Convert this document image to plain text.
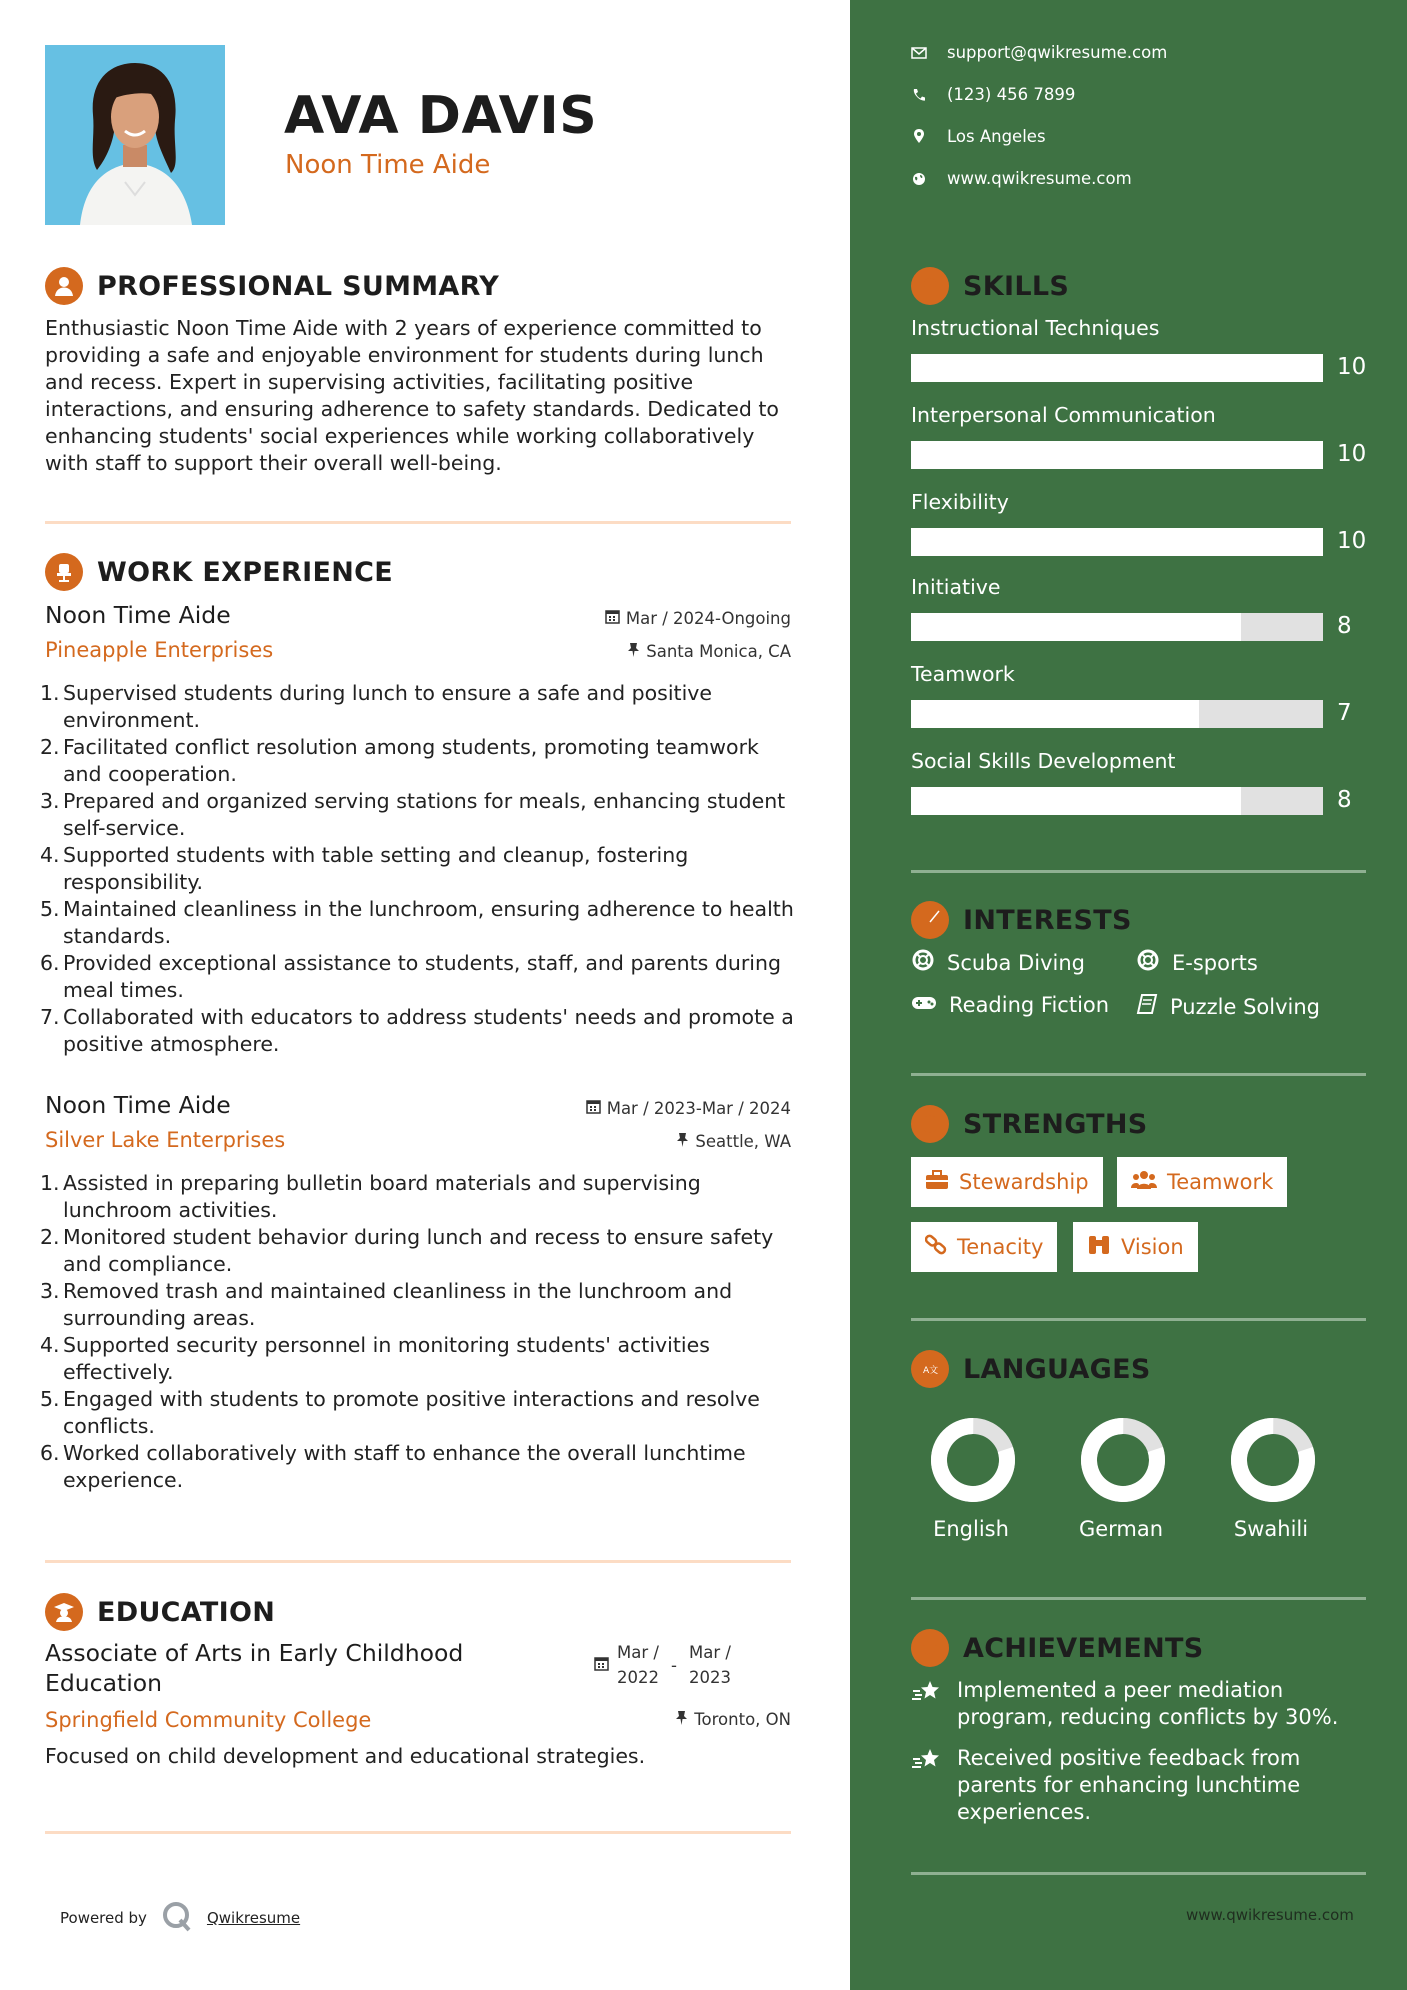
AVA DAVIS
Noon Time Aide
PROFESSIONAL SUMMARY
Enthusiastic Noon Time Aide with 2 years of experience committed to providing a safe and enjoyable environment for students during lunch and recess. Expert in supervising activities, facilitating positive interactions, and ensuring adherence to safety standards. Dedicated to enhancing students' social experiences while working collaboratively with staff to support their overall well-being.
WORK EXPERIENCE
Noon Time Aide	Mar / 2024-Ongoing
Pineapple Enterprises	Santa Monica, CA
1. Supervised students during lunch to ensure a safe and positive environment.
2. Facilitated conflict resolution among students, promoting teamwork and cooperation.
3. Prepared and organized serving stations for meals, enhancing student self-service.
4. Supported students with table setting and cleanup, fostering responsibility.
5. Maintained cleanliness in the lunchroom, ensuring adherence to health standards.
6. Provided exceptional assistance to students, staff, and parents during meal times.
7. Collaborated with educators to address students' needs and promote a positive atmosphere.
Noon Time Aide	Mar / 2023-Mar / 2024
Silver Lake Enterprises	Seattle, WA
1. Assisted in preparing bulletin board materials and supervising lunchroom activities.
2. Monitored student behavior during lunch and recess to ensure safety and compliance.
3. Removed trash and maintained cleanliness in the lunchroom and surrounding areas.
4. Supported security personnel in monitoring students' activities effectively.
5. Engaged with students to promote positive interactions and resolve conflicts.
6. Worked collaboratively with staff to enhance the overall lunchtime experience.
EDUCATION
Associate of Arts in Early Childhood Education
Mar /
2022
-
Mar /
2023
Springfield Community College	Toronto, ON
Focused on child development and educational strategies.
Powered by	Qwikresume
support@qwikresume.com
(123) 456 7899
Los Angeles
www.qwikresume.com
SKILLS
Instructional Techniques
10
Interpersonal Communication
10
Flexibility
10
Initiative
8
Teamwork
7
Social Skills Development
8
INTERESTS
Scuba Diving	E-sports
Reading Fiction	Puzzle Solving
STRENGTHS
Stewardship	Teamwork
Tenacity	Vision
A文 LANGUAGES
English	German	Swahili
ACHIEVEMENTS
Implemented a peer mediation program, reducing conflicts by 30%.
Received positive feedback from parents for enhancing lunchtime experiences.
www.qwikresume.com
